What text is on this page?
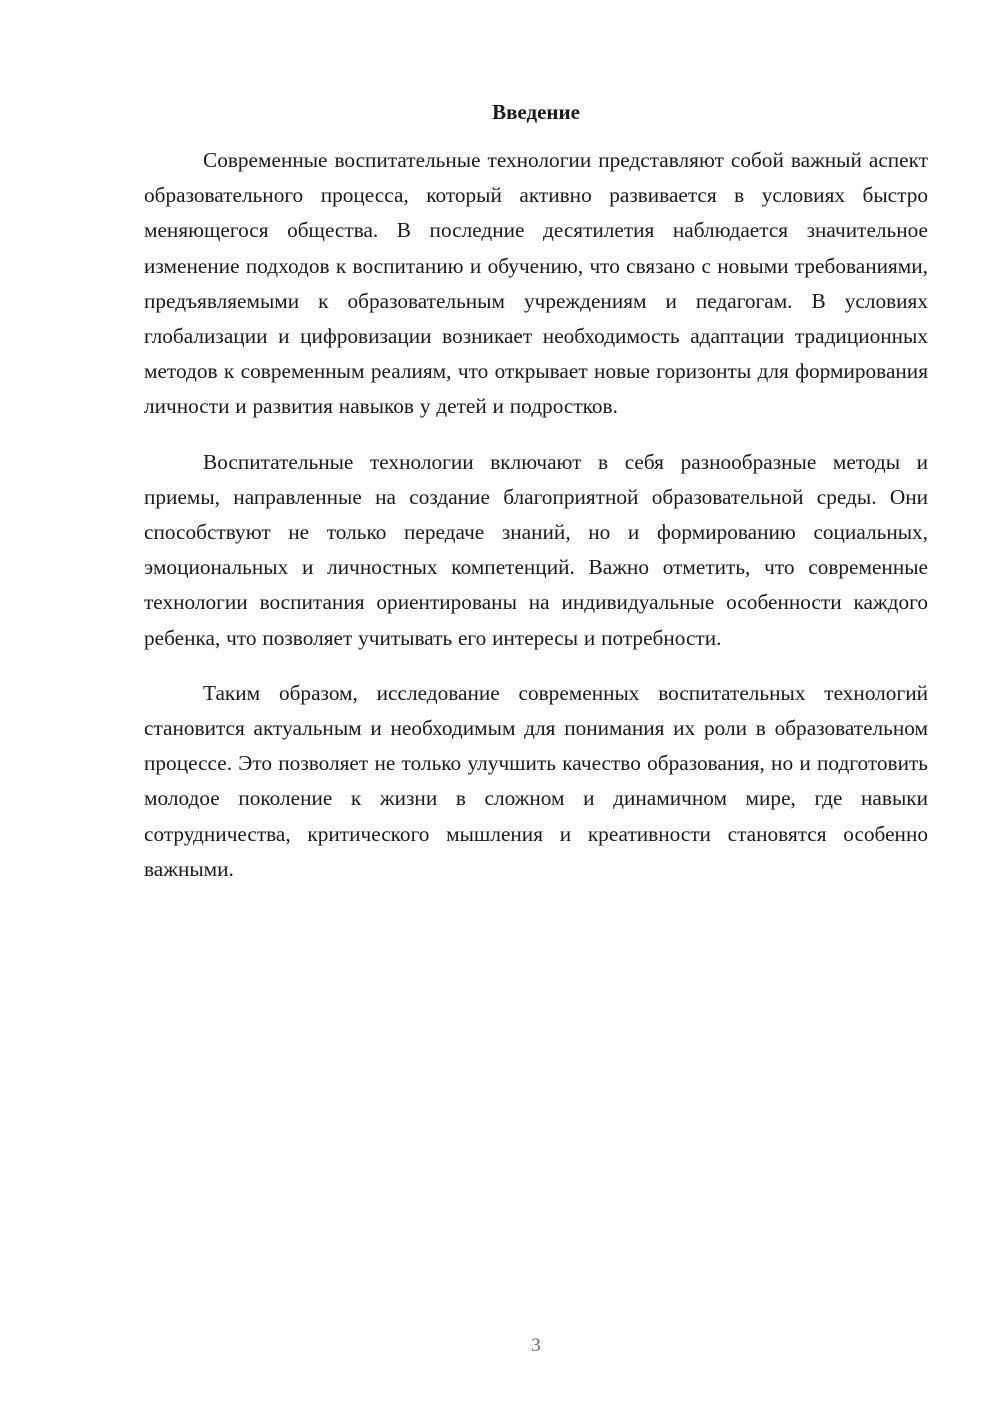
Введение

Современные воспитательные технологии представляют собой важный аспект образовательного процесса, который активно развивается в условиях быстро меняющегося общества. В последние десятилетия наблюдается значительное изменение подходов к воспитанию и обучению, что связано с новыми требованиями, предъявляемыми к образовательным учреждениям и педагогам. В условиях глобализации и цифровизации возникает необходимость адаптации традиционных методов к современным реалиям, что открывает новые горизонты для формирования личности и развития навыков у детей и подростков.

Воспитательные технологии включают в себя разнообразные методы и приемы, направленные на создание благоприятной образовательной среды. Они способствуют не только передаче знаний, но и формированию социальных, эмоциональных и личностных компетенций. Важно отметить, что современные технологии воспитания ориентированы на индивидуальные особенности каждого ребенка, что позволяет учитывать его интересы и потребности.

Таким образом, исследование современных воспитательных технологий становится актуальным и необходимым для понимания их роли в образовательном процессе. Это позволяет не только улучшить качество образования, но и подготовить молодое поколение к жизни в сложном и динамичном мире, где навыки сотрудничества, критического мышления и креативности становятся особенно важными.

3
